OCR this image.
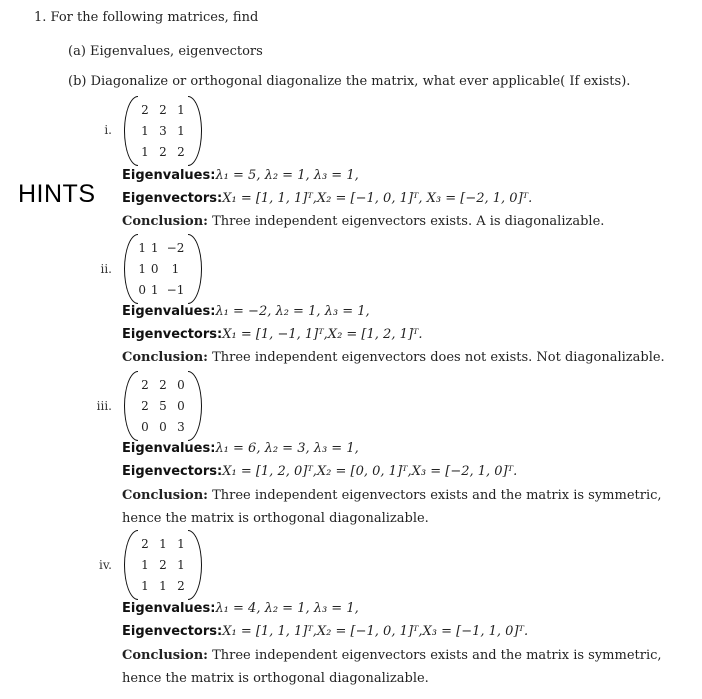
1. For the following matrices, find
(a) Eigenvalues, eigenvectors
(b) Diagonalize or orthogonal diagonalize the matrix, what ever applicable( If exists).
HINTS
i.
2	2	1
1	3	1
1	2	2
Eigenvalues:λ₁ = 5, λ₂ = 1, λ₃ = 1,
Eigenvectors:X₁ = [1, 1, 1]ᵀ,X₂ = [−1, 0, 1]ᵀ, X₃ = [−2, 1, 0]ᵀ.
Conclusion: Three independent eigenvectors exists. A is diagonalizable.
ii.
1	1	−2
1	0	1
0	1	−1
Eigenvalues:λ₁ = −2, λ₂ = 1, λ₃ = 1,
Eigenvectors:X₁ = [1, −1, 1]ᵀ,X₂ = [1, 2, 1]ᵀ.
Conclusion: Three independent eigenvectors does not exists. Not diagonalizable.
iii.
2	2	0
2	5	0
0	0	3
Eigenvalues:λ₁ = 6, λ₂ = 3, λ₃ = 1,
Eigenvectors:X₁ = [1, 2, 0]ᵀ,X₂ = [0, 0, 1]ᵀ,X₃ = [−2, 1, 0]ᵀ.
Conclusion: Three independent eigenvectors exists and the matrix is symmetric,
hence the matrix is orthogonal diagonalizable.
iv.
2	1	1
1	2	1
1	1	2
Eigenvalues:λ₁ = 4, λ₂ = 1, λ₃ = 1,
Eigenvectors:X₁ = [1, 1, 1]ᵀ,X₂ = [−1, 0, 1]ᵀ,X₃ = [−1, 1, 0]ᵀ.
Conclusion: Three independent eigenvectors exists and the matrix is symmetric,
hence the matrix is orthogonal diagonalizable.
